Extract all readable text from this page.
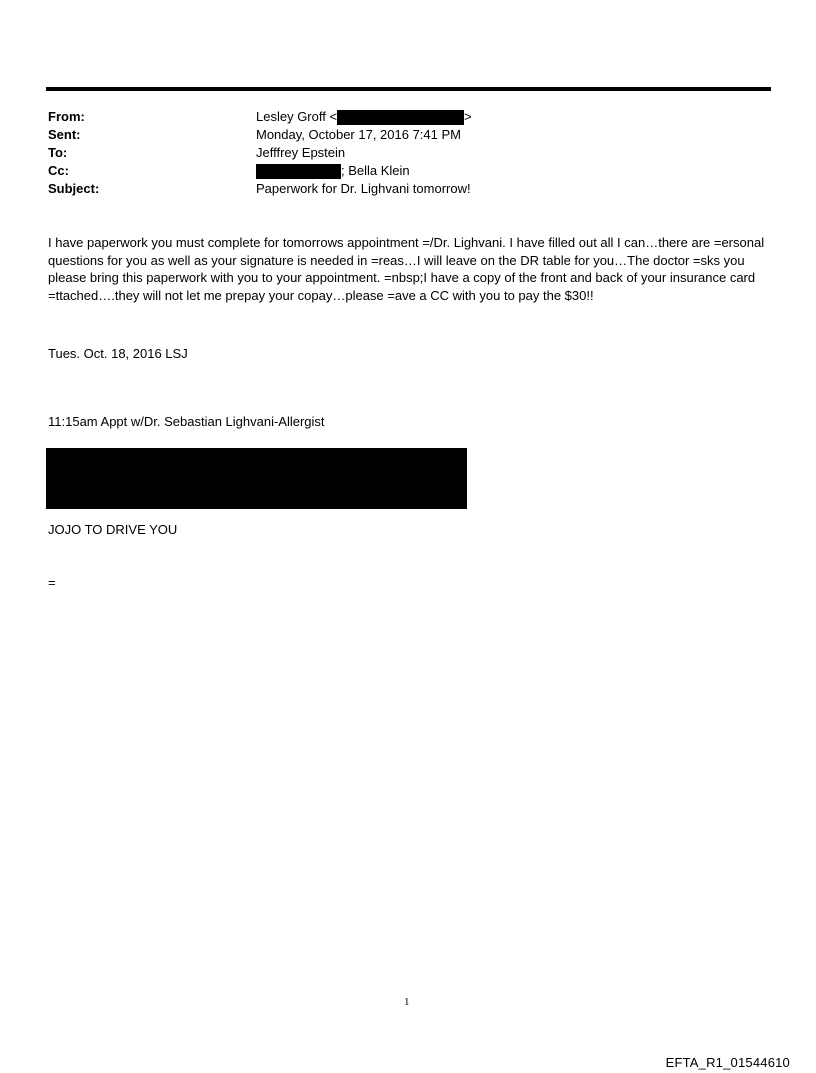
From:	Lesley Groff <	>
Sent:	Monday, October 17, 2016 7:41 PM
To:	Jefffrey Epstein
Cc:	; Bella Klein
Subject:	Paperwork for Dr. Lighvani tomorrow!
I have paperwork you must complete for tomorrows appointment =/Dr. Lighvani. I have filled out all I can…there are =ersonal questions for you as well as your signature is needed in =reas…I will leave on the DR table for you…The doctor =sks you please bring this paperwork with you to your appointment. =nbsp;I have a copy of the front and back of your insurance card =ttached….they will not let me prepay your copay…please =ave a CC with you to pay the $30!!
Tues. Oct. 18, 2016 LSJ
11:15am Appt w/Dr. Sebastian Lighvani-Allergist
JOJO TO DRIVE YOU
=
1
EFTA_R1_01544610
